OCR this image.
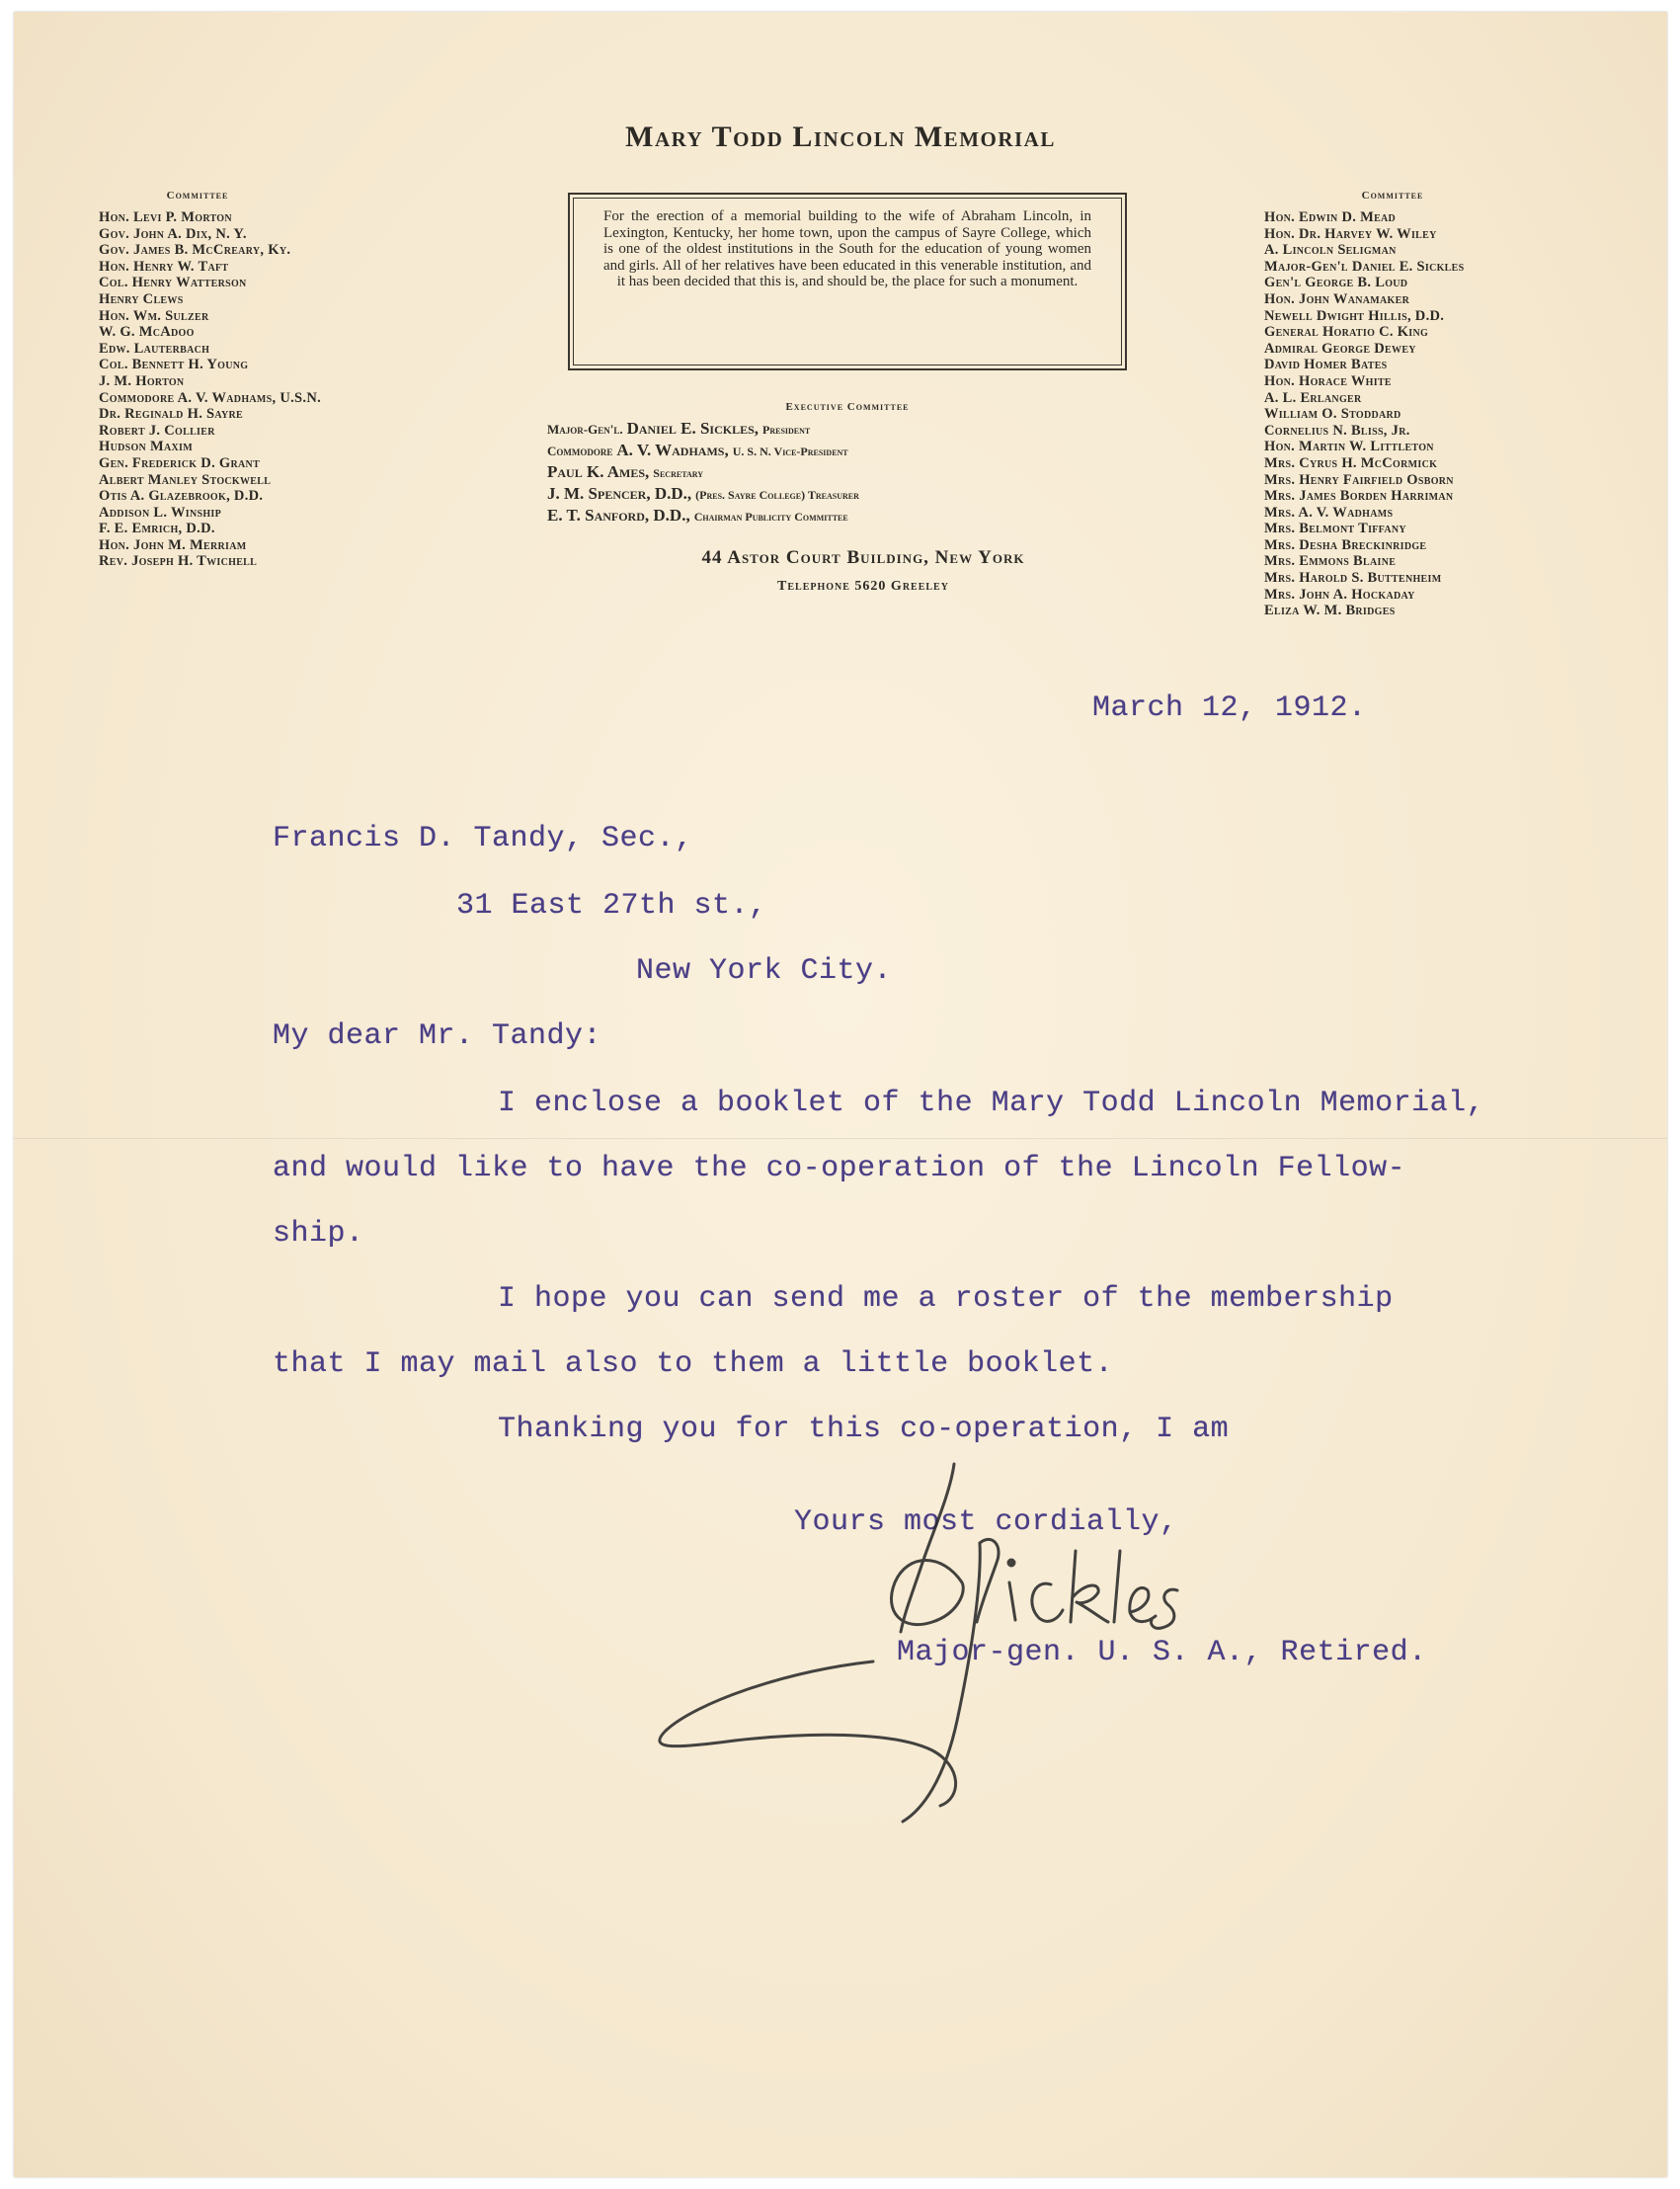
Mary Todd Lincoln Memorial
Committee
Hon. Levi P. Morton
Gov. John A. Dix, N. Y.
Gov. James B. McCreary, Ky.
Hon. Henry W. Taft
Col. Henry Watterson
Henry Clews
Hon. Wm. Sulzer
W. G. McAdoo
Edw. Lauterbach
Col. Bennett H. Young
J. M. Horton
Commodore A. V. Wadhams, U.S.N.
Dr. Reginald H. Sayre
Robert J. Collier
Hudson Maxim
Gen. Frederick D. Grant
Albert Manley Stockwell
Otis A. Glazebrook, D.D.
Addison L. Winship
F. E. Emrich, D.D.
Hon. John M. Merriam
Rev. Joseph H. Twichell
For the erection of a memorial building to the wife of Abraham Lincoln, in Lexington, Kentucky, her home town, upon the campus of Sayre College, which is one of the oldest institutions in the South for the education of young women and girls. All of her relatives have been educated in this venerable institution, and it has been decided that this is, and should be, the place for such a monument.
Executive Committee
Major-Gen'l. Daniel E. Sickles, President
Commodore A. V. Wadhams, U. S. N. Vice-President
Paul K. Ames, Secretary
J. M. Spencer, D.D., (Pres. Sayre College) Treasurer
E. T. Sanford, D.D., Chairman Publicity Committee
44 Astor Court Building, New York
Telephone 5620 Greeley
Committee
Hon. Edwin D. Mead
Hon. Dr. Harvey W. Wiley
A. Lincoln Seligman
Major-Gen'l Daniel E. Sickles
Gen'l George B. Loud
Hon. John Wanamaker
Newell Dwight Hillis, D.D.
General Horatio C. King
Admiral George Dewey
David Homer Bates
Hon. Horace White
A. L. Erlanger
William O. Stoddard
Cornelius N. Bliss, Jr.
Hon. Martin W. Littleton
Mrs. Cyrus H. McCormick
Mrs. Henry Fairfield Osborn
Mrs. James Borden Harriman
Mrs. A. V. Wadhams
Mrs. Belmont Tiffany
Mrs. Desha Breckinridge
Mrs. Emmons Blaine
Mrs. Harold S. Buttenheim
Mrs. John A. Hockaday
Eliza W. M. Bridges
March 12, 1912.
Francis D. Tandy, Sec.,
31 East 27th st.,
New York City.
My dear Mr. Tandy:
I enclose a booklet of the Mary Todd Lincoln Memorial,
and would like to have the co-operation of the Lincoln Fellow-
ship.
I hope you can send me a roster of the membership
that I may mail also to them a little booklet.
Thanking you for this co-operation, I am
Yours most cordially,
D. Sickles
Major-gen. U. S. A., Retired.
